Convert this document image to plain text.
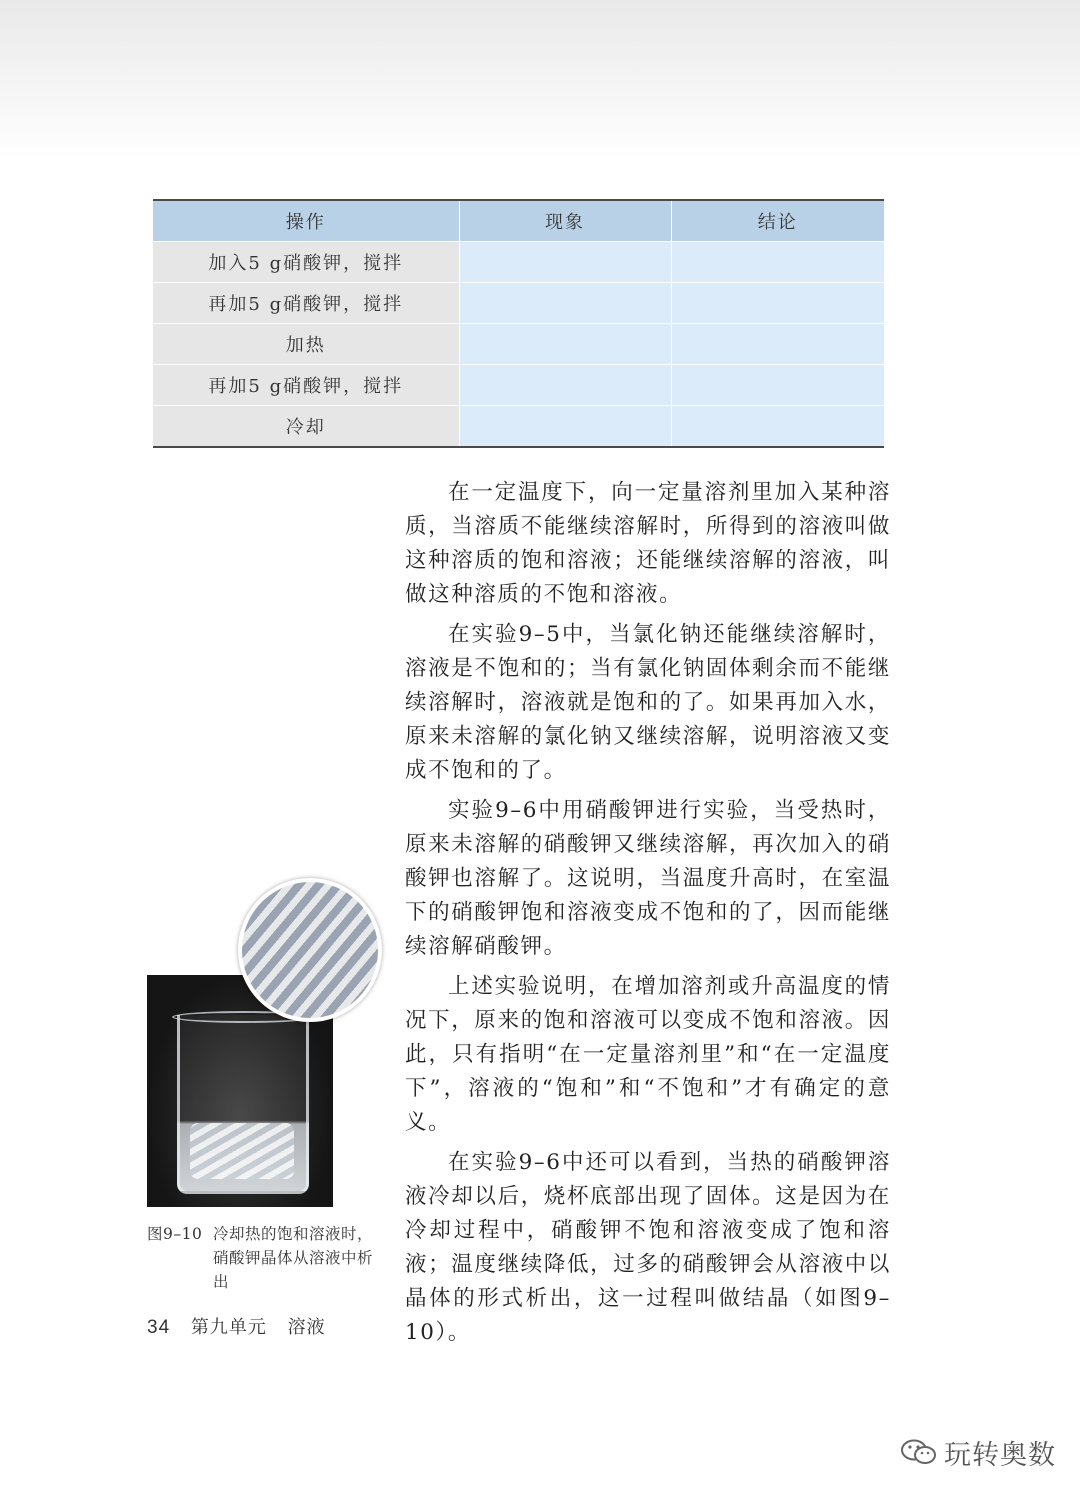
操作	现象	结论
加入5 g硝酸钾，搅拌		
再加5 g硝酸钾，搅拌		
加热		
再加5 g硝酸钾，搅拌		
冷却		

在一定温度下，向一定量溶剂里加入某种溶质，当溶质不能继续溶解时，所得到的溶液叫做这种溶质的饱和溶液；还能继续溶解的溶液，叫做这种溶质的不饱和溶液。

在实验9–5中，当氯化钠还能继续溶解时，溶液是不饱和的；当有氯化钠固体剩余而不能继续溶解时，溶液就是饱和的了。如果再加入水，原来未溶解的氯化钠又继续溶解，说明溶液又变成不饱和的了。

实验9–6中用硝酸钾进行实验，当受热时，原来未溶解的硝酸钾又继续溶解，再次加入的硝酸钾也溶解了。这说明，当温度升高时，在室温下的硝酸钾饱和溶液变成不饱和的了，因而能继续溶解硝酸钾。

上述实验说明，在增加溶剂或升高温度的情况下，原来的饱和溶液可以变成不饱和溶液。因此，只有指明“在一定量溶剂里”和“在一定温度下”，溶液的“饱和”和“不饱和”才有确定的意义。

在实验9–6中还可以看到，当热的硝酸钾溶液冷却以后，烧杯底部出现了固体。这是因为在冷却过程中，硝酸钾不饱和溶液变成了饱和溶液；温度继续降低，过多的硝酸钾会从溶液中以晶体的形式析出，这一过程叫做结晶（如图9–10）。

图9–10 冷却热的饱和溶液时，
硝酸钾晶体从溶液中析出
34 第九单元 溶液
玩转奥数
